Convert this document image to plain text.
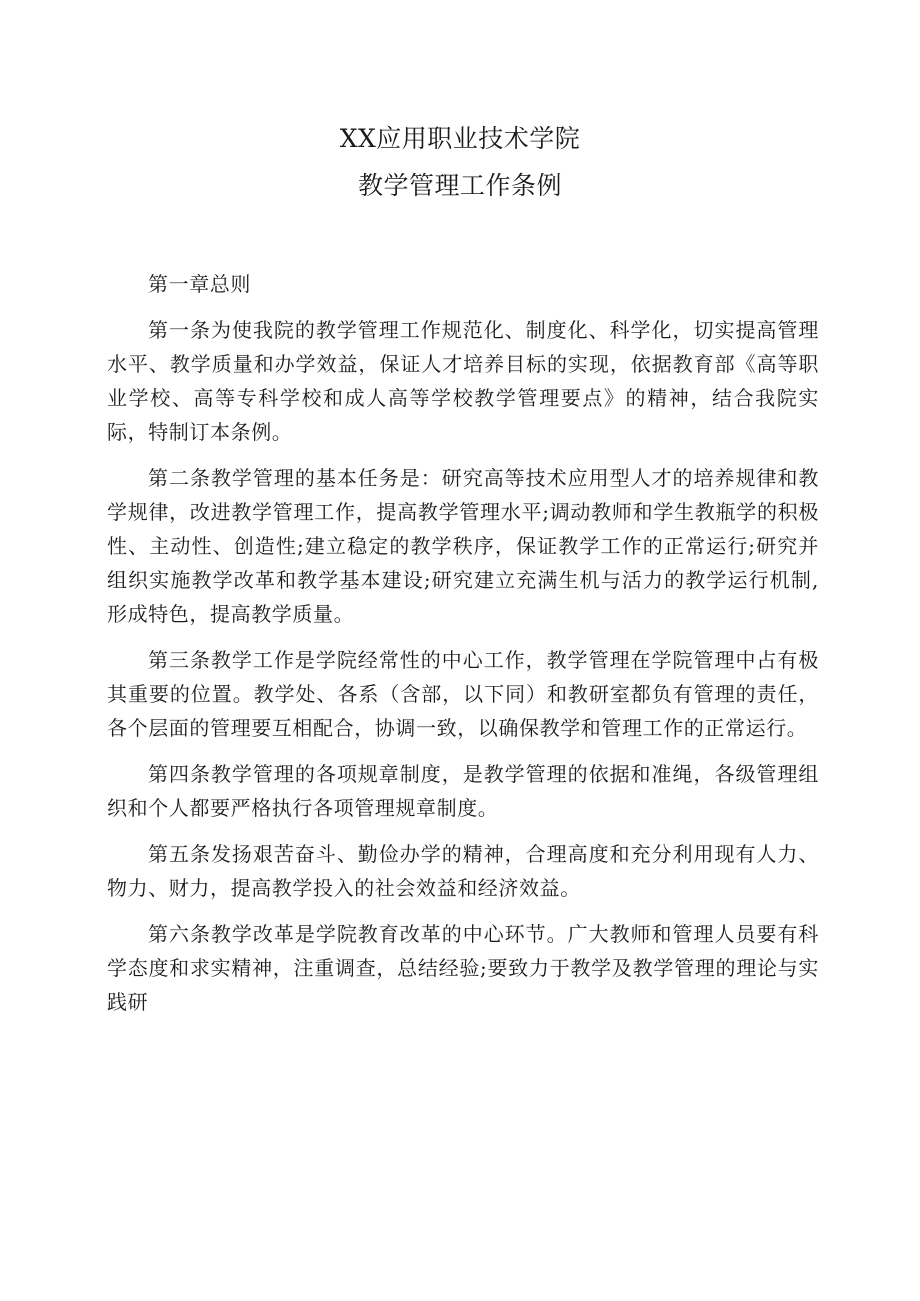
XX应用职业技术学院
教学管理工作条例

第一章总则

第一条为使我院的教学管理工作规范化、制度化、科学化，切实提高管理水平、教学质量和办学效益，保证人才培养目标的实现，依据教育部《高等职业学校、高等专科学校和成人高等学校教学管理要点》的精神，结合我院实际，特制订本条例。

第二条教学管理的基本任务是：研究高等技术应用型人才的培养规律和教学规律，改进教学管理工作，提高教学管理水平;调动教师和学生教瓶学的积极性、主动性、创造性;建立稳定的教学秩序，保证教学工作的正常运行;研究并组织实施教学改革和教学基本建设;研究建立充满生机与活力的教学运行机制,形成特色，提高教学质量。

第三条教学工作是学院经常性的中心工作，教学管理在学院管理中占有极其重要的位置。教学处、各系（含部，以下同）和教研室都负有管理的责任，各个层面的管理要互相配合，协调一致，以确保教学和管理工作的正常运行。

第四条教学管理的各项规章制度，是教学管理的依据和准绳，各级管理组织和个人都要严格执行各项管理规章制度。

第五条发扬艰苦奋斗、勤俭办学的精神，合理高度和充分利用现有人力、物力、财力，提高教学投入的社会效益和经济效益。

第六条教学改革是学院教育改革的中心环节。广大教师和管理人员要有科学态度和求实精神，注重调查，总结经验;要致力于教学及教学管理的理论与实践研
